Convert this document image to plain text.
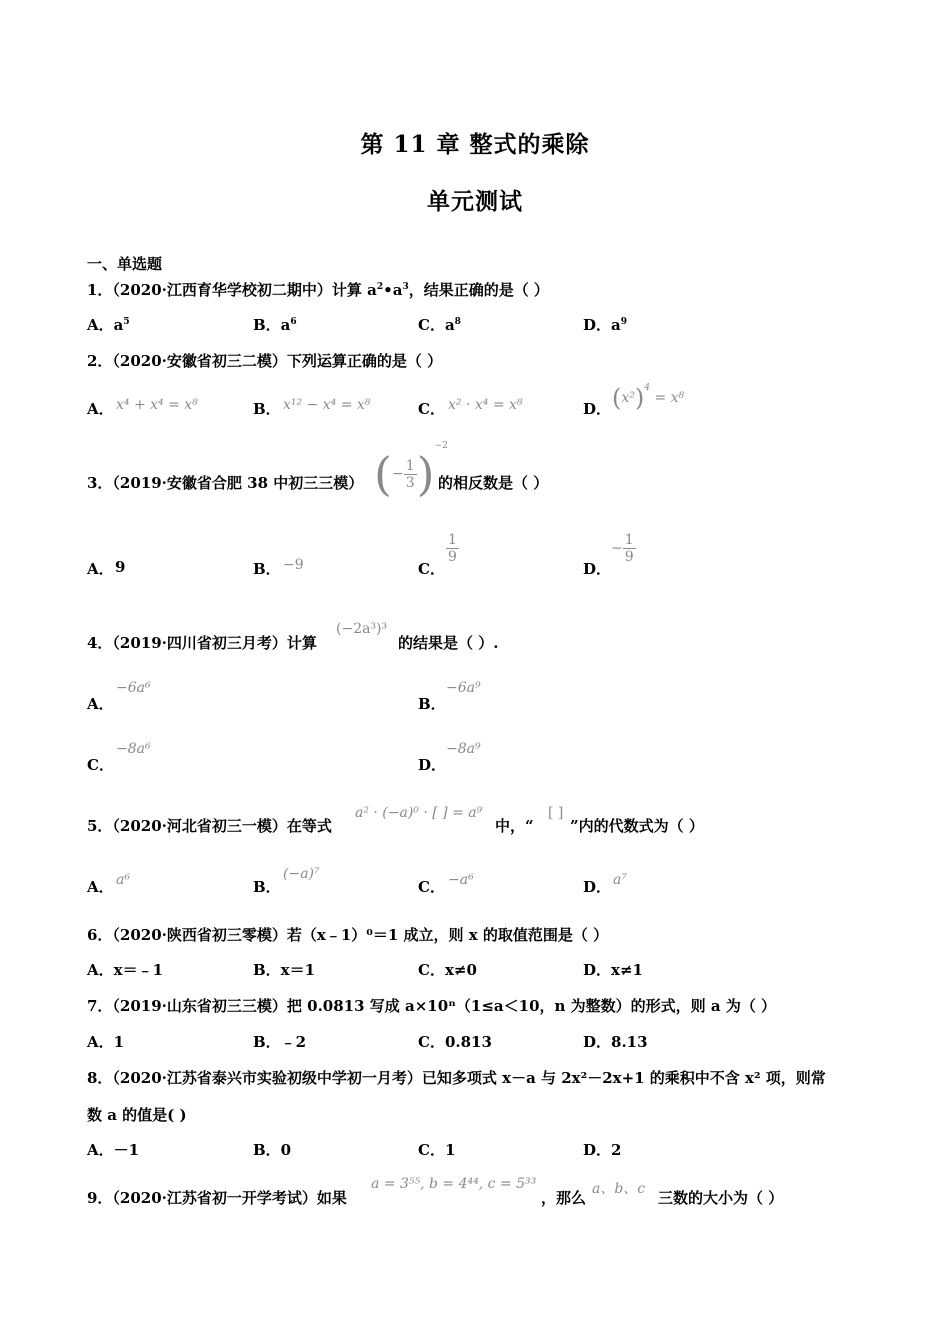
第 11 章 整式的乘除
单元测试
一、单选题
1．（2020·江西育华学校初二期中）计算 $a^2•a^3$，结果正确的是（ ）
A．$a^5$	B．$a^6$	C．$a^8$	D．$a^9$
2．（2020·安徽省初三二模）下列运算正确的是（ ）
A． x⁴ + x⁴ = x⁸	B． x¹² − x⁴ = x⁸	C． x² · x⁴ = x⁸	D． $(x^2)^4 = x^8$
3．（2019·安徽省合肥 38 中初三三模） (− $\frac{1}{3} )^{-2}$
的相反数是（ ）
A． 9	B． −9	C．
$\frac{1}{9}$
D．
− $\frac{1}{9}$
4．（2019·四川省初三月考）计算
(−2a³)³
的结果是（ ）.
A．
−6a⁶
B．
−6a⁹
C．
−8a⁶
D．
−8a⁹
5．（2020·河北省初三一模）在等式
a² · (−a)⁰ · [ ] = a⁹
中，“
[ ]
”内的代数式为（ ）
A． a⁶	B．
(−a)⁷
C． −a⁶	D． a⁷
6．（2020·陕西省初三零模）若（x﹣1）⁰＝1 成立，则 x 的取值范围是（ ）
A．x＝﹣1	B．x＝1	C．x≠0	D．x≠1
7．（2019·山东省初三三模）把 0.0813 写成 a×10ⁿ（1≤a＜10，n 为整数）的形式，则 a 为（ ）
A．1	B．﹣2	C．0.813	D．8.13
8．（2020·江苏省泰兴市实验初级中学初一月考）已知多项式 x－a 与 2x²－2x+1 的乘积中不含 x² 项，则常
数 a 的值是( )
A．－1	B．0	C．1	D．2
9．（2020·江苏省初一开学考试）如果
a = 3⁵⁵, b = 4⁴⁴, c = 5³³
，那么 a、b、c 三数的大小为（ ）
